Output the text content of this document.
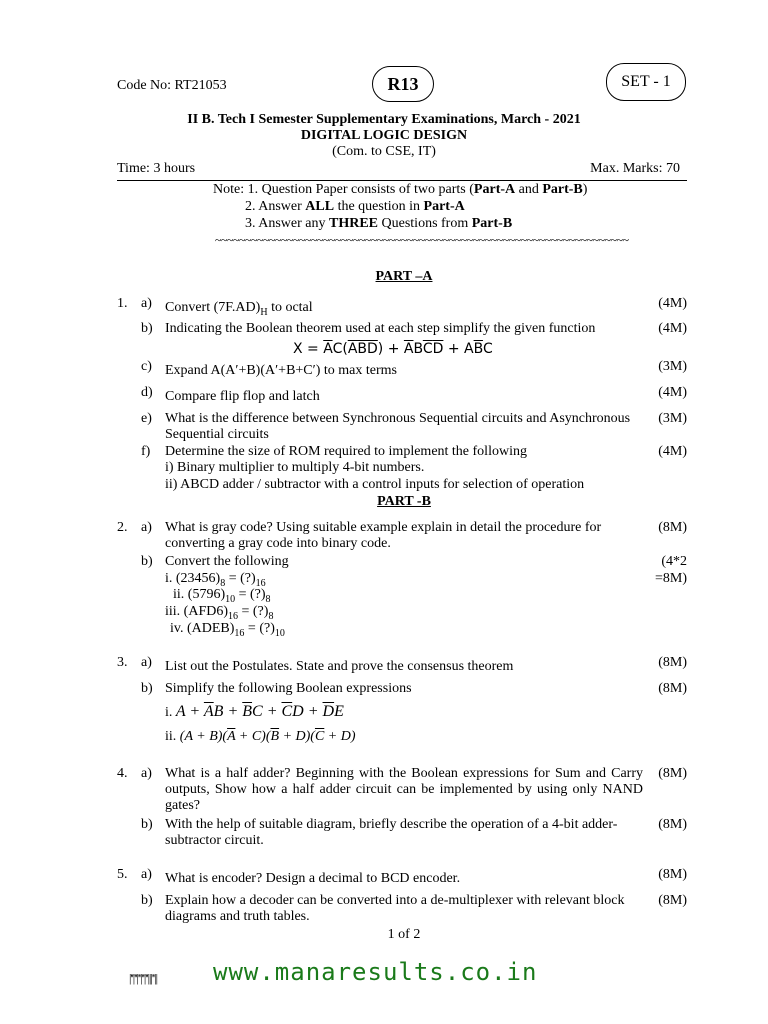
Code No: RT21053	R13	SET - 1
II B. Tech I Semester Supplementary Examinations, March - 2021
DIGITAL LOGIC DESIGN
(Com. to CSE, IT)
Time: 3 hours	Max. Marks: 70
Note: 1. Question Paper consists of two parts (Part-A and Part-B)
2. Answer ALL the question in Part-A
3. Answer any THREE Questions from Part-B
~~~~~~~~~~~~~~~~~~~~~~~~~~~~~~~~~~~~~~~~~~~~~~~~~~~~~~~~~~~~~~~~~~~~~
PART –A
1. a) Convert $(7F.AD)_H$ to octal	(4M)
b) Indicating the Boolean theorem used at each step simplify the given function	(4M)
$X = \overline{A}C(ABD) + \overline{A}B\overline{C}\overline{D} + A\overline{B}C$
c) Expand A(A′+B)(A′+B+C′) to max terms	(3M)
d) Compare flip flop and latch	(4M)
e) What is the difference between Synchronous Sequential circuits and Asynchronous Sequential circuits
(3M)
f) Determine the size of ROM required to implement the following	(4M)
i) Binary multiplier to multiply 4-bit numbers.
ii) ABCD adder / subtractor with a control inputs for selection of operation
PART -B
2. a) What is gray code? Using suitable example explain in detail the procedure for converting a gray code into binary code.
(8M)
b) Convert the following	(4*2
=8M)
i. $(23456)_8$ = $(?)_{16}$
ii. $(5796)_{10}$ = $(?)_8$
iii. $(AFD6)_{16}$ = $(?)_8$
iv. $(ADEB)_{16}$ = $(?)_{10}$
3. a) List out the Postulates. State and prove the consensus theorem	(8M)
b) Simplify the following Boolean expressions	(8M)
i. $A + \overline{A}B + \overline{B}C + \overline{C}D + \overline{D}E$
ii. $(A + B)(\overline{A} + C)(\overline{B} + D)(\overline{C} + D)$
4. a) What is a half adder? Beginning with the Boolean expressions for Sum and Carry outputs, Show how a half adder circuit can be implemented by using only NAND gates?
(8M)
b) With the help of suitable diagram, briefly describe the operation of a 4-bit adder-subtractor circuit.
(8M)
5. a) What is encoder? Design a decimal to BCD encoder.	(8M)
b) Explain how a decoder can be converted into a de-multiplexer with relevant block diagrams and truth tables.
(8M)
1 of 2
|''|''|''|''|''|||''|| www.manaresults.co.in
